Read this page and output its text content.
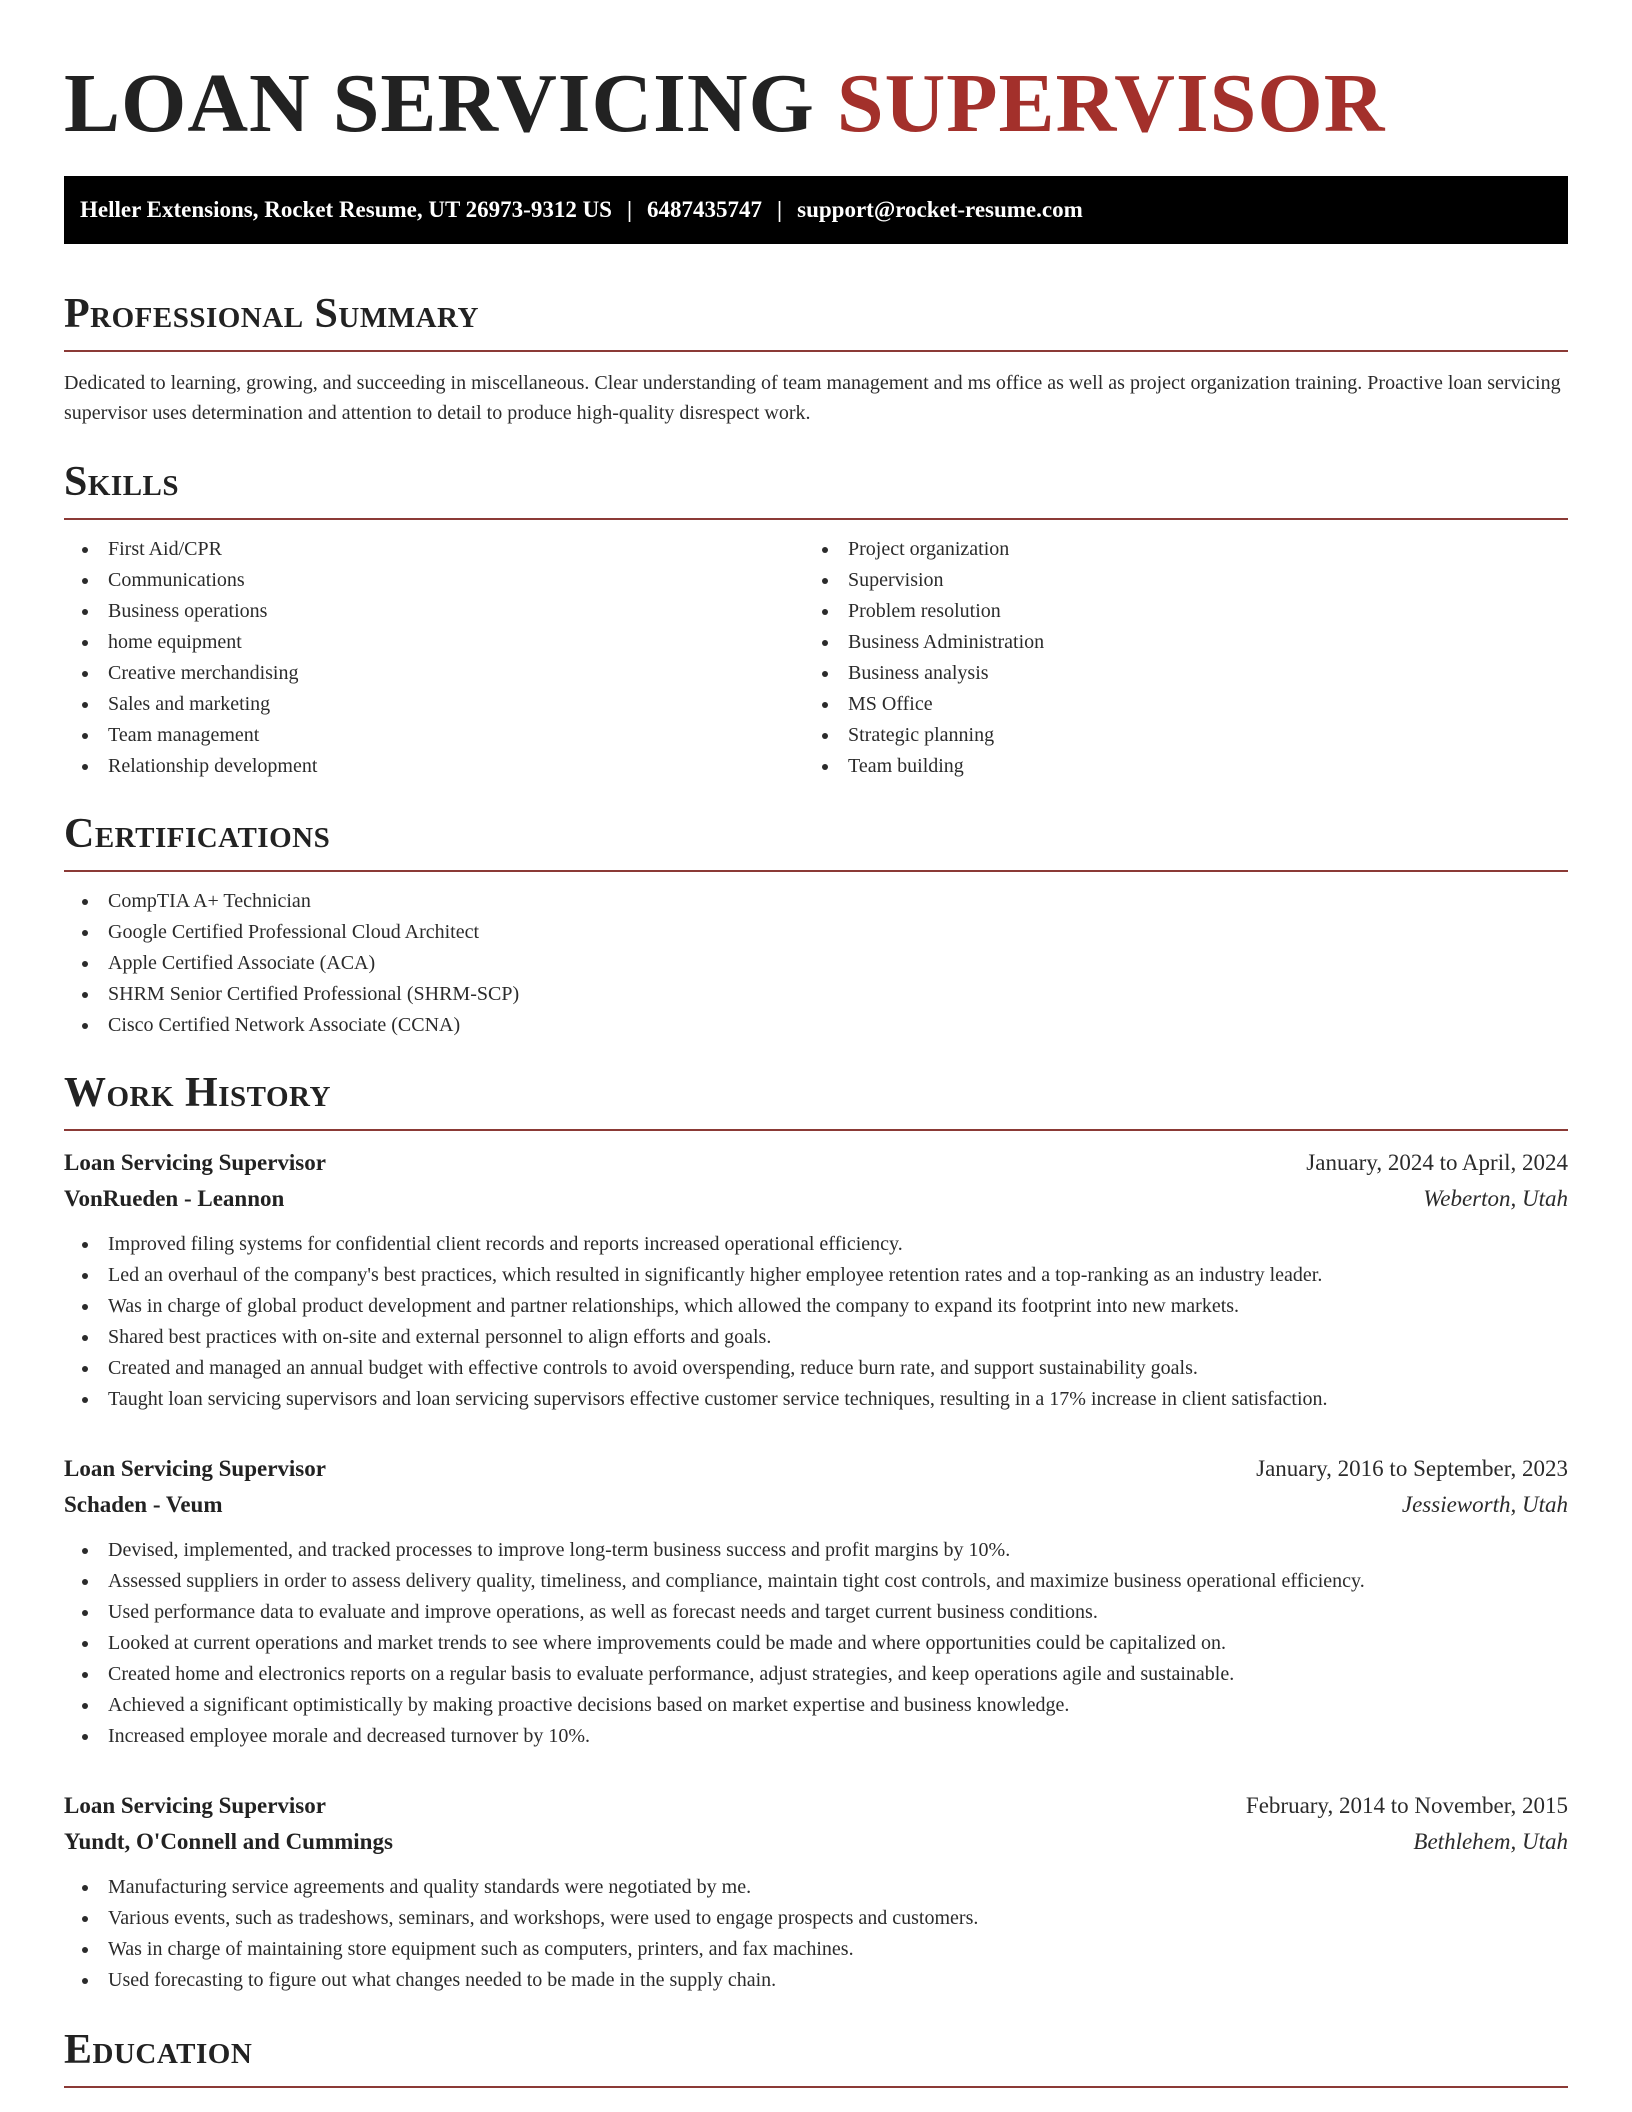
LOAN SERVICING SUPERVISOR
Heller Extensions, Rocket Resume, UT 26973-9312 US | 6487435747 | support@rocket-resume.com
Professional Summary
Dedicated to learning, growing, and succeeding in miscellaneous. Clear understanding of team management and ms office as well as project organization training. Proactive loan servicing supervisor uses determination and attention to detail to produce high-quality disrespect work.
Skills
First Aid/CPR
Communications
Business operations
home equipment
Creative merchandising
Sales and marketing
Team management
Relationship development
Project organization
Supervision
Problem resolution
Business Administration
Business analysis
MS Office
Strategic planning
Team building
Certifications
CompTIA A+ Technician
Google Certified Professional Cloud Architect
Apple Certified Associate (ACA)
SHRM Senior Certified Professional (SHRM-SCP)
Cisco Certified Network Associate (CCNA)
Work History
Loan Servicing Supervisor	January, 2024 to April, 2024
VonRueden - Leannon	Weberton, Utah
Improved filing systems for confidential client records and reports increased operational efficiency.
Led an overhaul of the company's best practices, which resulted in significantly higher employee retention rates and a top-ranking as an industry leader.
Was in charge of global product development and partner relationships, which allowed the company to expand its footprint into new markets.
Shared best practices with on-site and external personnel to align efforts and goals.
Created and managed an annual budget with effective controls to avoid overspending, reduce burn rate, and support sustainability goals.
Taught loan servicing supervisors and loan servicing supervisors effective customer service techniques, resulting in a 17% increase in client satisfaction.
Loan Servicing Supervisor	January, 2016 to September, 2023
Schaden - Veum	Jessieworth, Utah
Devised, implemented, and tracked processes to improve long-term business success and profit margins by 10%.
Assessed suppliers in order to assess delivery quality, timeliness, and compliance, maintain tight cost controls, and maximize business operational efficiency.
Used performance data to evaluate and improve operations, as well as forecast needs and target current business conditions.
Looked at current operations and market trends to see where improvements could be made and where opportunities could be capitalized on.
Created home and electronics reports on a regular basis to evaluate performance, adjust strategies, and keep operations agile and sustainable.
Achieved a significant optimistically by making proactive decisions based on market expertise and business knowledge.
Increased employee morale and decreased turnover by 10%.
Loan Servicing Supervisor	February, 2014 to November, 2015
Yundt, O'Connell and Cummings	Bethlehem, Utah
Manufacturing service agreements and quality standards were negotiated by me.
Various events, such as tradeshows, seminars, and workshops, were used to engage prospects and customers.
Was in charge of maintaining store equipment such as computers, printers, and fax machines.
Used forecasting to figure out what changes needed to be made in the supply chain.
Education
